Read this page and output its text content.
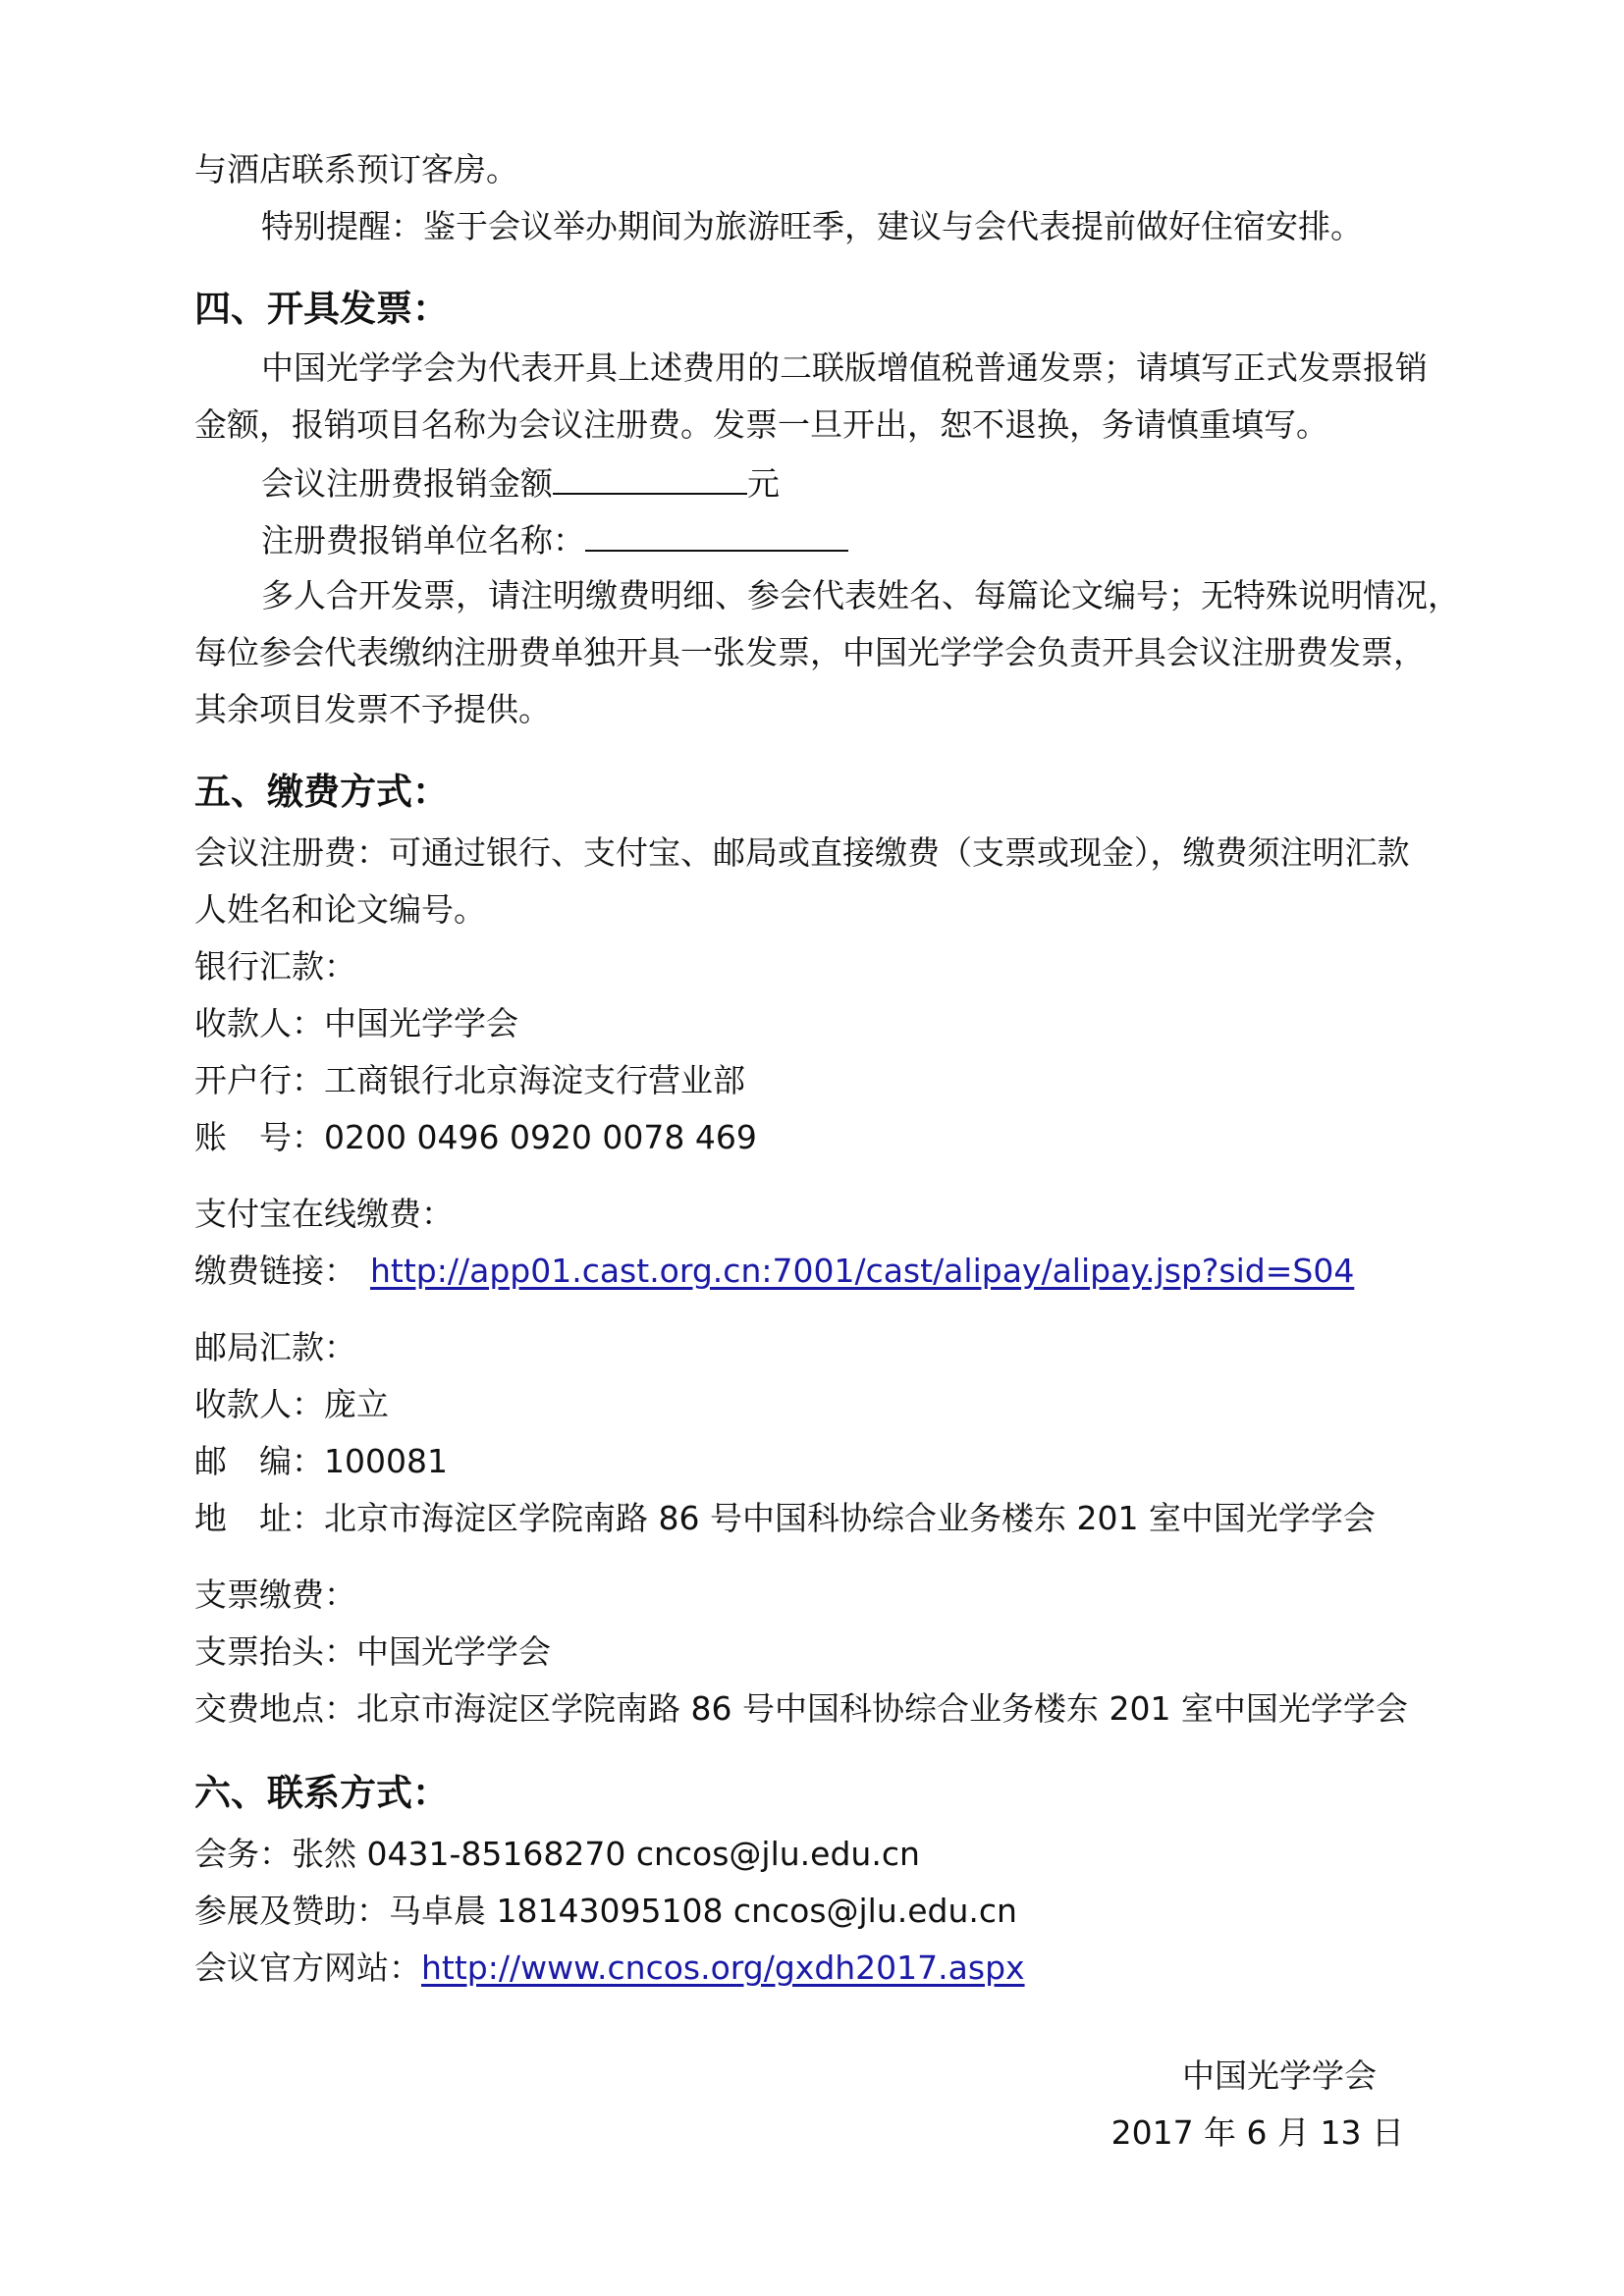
与酒店联系预订客房。
特别提醒：鉴于会议举办期间为旅游旺季，建议与会代表提前做好住宿安排。
四、开具发票：
中国光学学会为代表开具上述费用的二联版增值税普通发票；请填写正式发票报销
金额，报销项目名称为会议注册费。发票一旦开出，恕不退换，务请慎重填写。
会议注册费报销金额	元
注册费报销单位名称：
多人合开发票，请注明缴费明细、参会代表姓名、每篇论文编号；无特殊说明情况，
每位参会代表缴纳注册费单独开具一张发票，中国光学学会负责开具会议注册费发票，
其余项目发票不予提供。
五、缴费方式：
会议注册费：可通过银行、支付宝、邮局或直接缴费（支票或现金），缴费须注明汇款
人姓名和论文编号。
银行汇款：
收款人：中国光学学会
开户行：工商银行北京海淀支行营业部
账　号：0200 0496 0920 0078 469
支付宝在线缴费：
缴费链接： http://app01.cast.org.cn:7001/cast/alipay/alipay.jsp?sid=S04
邮局汇款：
收款人：庞立
邮　编：100081
地　址：北京市海淀区学院南路 86 号中国科协综合业务楼东 201 室中国光学学会
支票缴费：
支票抬头：中国光学学会
交费地点：北京市海淀区学院南路 86 号中国科协综合业务楼东 201 室中国光学学会
六、联系方式：
会务：张然 0431-85168270 cncos@jlu.edu.cn
参展及赞助：马卓晨 18143095108 cncos@jlu.edu.cn
会议官方网站：http://www.cncos.org/gxdh2017.aspx
中国光学学会
2017 年 6 月 13 日
